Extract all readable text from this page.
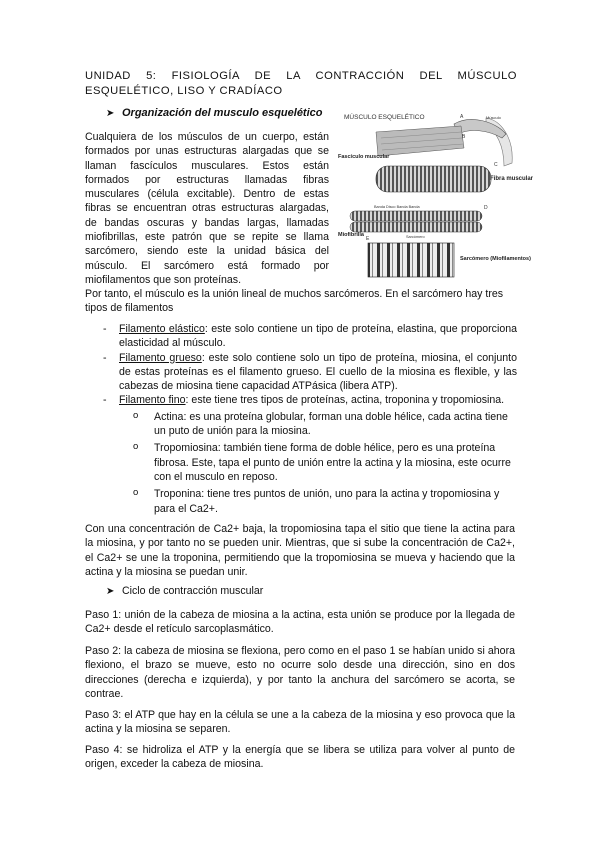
UNIDAD 5: FISIOLOGÍA DE LA CONTRACCIÓN DEL MÚSCULO ESQUELÉTICO, LISO Y CRADÍACO
➤ Organización del musculo esquelético
Cualquiera de los músculos de un cuerpo, están formados por unas estructuras alargadas que se llaman fascículos musculares. Estos están formados por estructuras llamadas fibras musculares (célula excitable). Dentro de estas fibras se encuentran otras estructuras alargadas, de bandas oscuras y bandas largas, llamadas miofibrillas, este patrón que se repite se llama sarcómero, siendo este la unidad básica del músculo. El sarcómero está formado por miofilamentos que son proteínas.
MÚSCULO ESQUELÉTICO	Músculo
A
Fascículo muscular
B
C
Fibra muscular
Banda Disco Banda Banda	D
Miofibrilla	Sarcómero
E
Sarcómero (Miofilamentos)
Por tanto, el músculo es la unión lineal de muchos sarcómeros. En el sarcómero hay tres tipos de filamentos
- Filamento elástico: este solo contiene un tipo de proteína, elastina, que proporciona elasticidad al músculo.
- Filamento grueso: este solo contiene solo un tipo de proteína, miosina, el conjunto de estas proteínas es el filamento grueso. El cuello de la miosina es flexible, y las cabezas de miosina tiene capacidad ATPásica (libera ATP).
- Filamento fino: este tiene tres tipos de proteínas, actina, troponina y tropomiosina.
o Actina: es una proteína globular, forman una doble hélice, cada actina tiene un puto de unión para la miosina.
o Tropomiosina: también tiene forma de doble hélice, pero es una proteína fibrosa. Este, tapa el punto de unión entre la actina y la miosina, este ocurre con el musculo en reposo.
o Troponina: tiene tres puntos de unión, uno para la actina y tropomiosina y para el Ca2+.
Con una concentración de Ca2+ baja, la tropomiosina tapa el sitio que tiene la actina para la miosina, y por tanto no se pueden unir. Mientras, que si sube la concentración de Ca2+, el Ca2+ se une la troponina, permitiendo que la tropomiosina se mueva y haciendo que la actina y la miosina se puedan unir.
➤ Ciclo de contracción muscular
Paso 1: unión de la cabeza de miosina a la actina, esta unión se produce por la llegada de Ca2+ desde el retículo sarcoplasmático.
Paso 2: la cabeza de miosina se flexiona, pero como en el paso 1 se habían unido si ahora flexiono, el brazo se mueve, esto no ocurre solo desde una dirección, sino en dos direcciones (derecha e izquierda), y por tanto la anchura del sarcómero se acorta, se contrae.
Paso 3: el ATP que hay en la célula se une a la cabeza de la miosina y eso provoca que la actina y la miosina se separen.
Paso 4: se hidroliza el ATP y la energía que se libera se utiliza para volver al punto de origen, exceder la cabeza de miosina.
